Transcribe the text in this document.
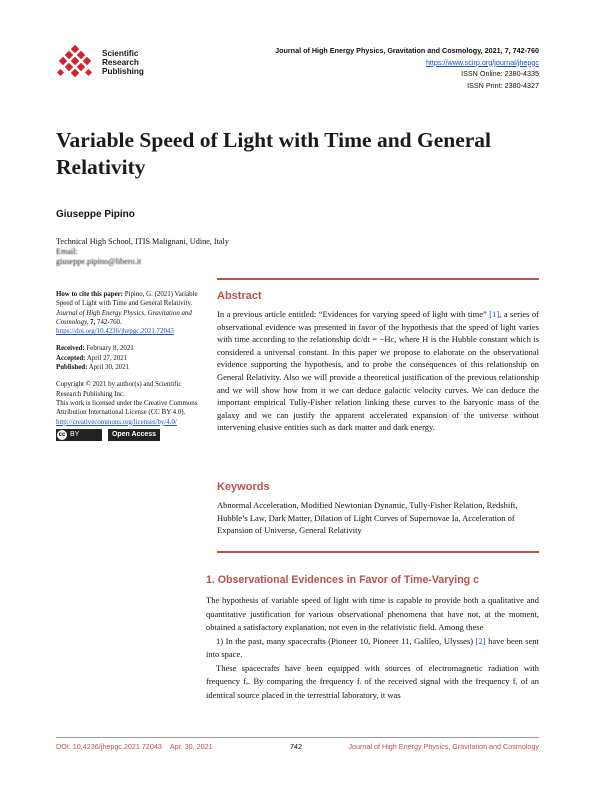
Scientific
Research
Publishing
Journal of High Energy Physics, Gravitation and Cosmology, 2021, 7, 742-760
https://www.scirp.org/journal/jhepgc
ISSN Online: 2380-4335
ISSN Print: 2380-4327
Variable Speed of Light with Time and General Relativity
Giuseppe Pipino
Technical High School, ITIS Malignani, Udine, Italy
Email: giuseppe.pipino@libero.it

How to cite this paper: Pipino, G. (2021) Variable Speed of Light with Time and General Relativity. Journal of High Energy Physics, Gravitation and Cosmology, 7, 742-760.
https://doi.org/10.4236/jhepgc.2021.72043

Received: February 8, 2021
Accepted: April 27, 2021
Published: April 30, 2021

Copyright © 2021 by author(s) and Scientific Research Publishing Inc.
This work is licensed under the Creative Commons Attribution International License (CC BY 4.0).
http://creativecommons.org/licenses/by/4.0/

cc BY	Open Access
Abstract
In a previous article entitled: “Evidences for varying speed of light with time” [1], a series of observational evidence was presented in favor of the hypothesis that the speed of light varies with time according to the relationship dc/dt = −Hc, where H is the Hubble constant which is considered a universal constant. In this paper we propose to elaborate on the observational evidence supporting the hypothesis, and to probe the consequences of this relationship on General Relativity. Also we will provide a theoretical justification of the previous relationship and we will show how from it we can deduce galactic velocity curves. We can deduce the important empirical Tully-Fisher relation linking these curves to the baryonic mass of the galaxy and we can justify the apparent accelerated expansion of the universe without intervening elusive entities such as dark matter and dark energy.
Keywords
Abnormal Acceleration, Modified Newtonian Dynamic, Tully-Fisher Relation, Redshift, Hubble’s Law, Dark Matter, Dilation of Light Curves of Supernovae Ia, Acceleration of Expansion of Universe, General Relativity
1. Observational Evidences in Favor of Time-Varying c

The hypothesis of variable speed of light with time is capable to provide both a qualitative and quantitative justification for various observational phenomena that have not, at the moment, obtained a satisfactory explanation, not even in the relativistic field. Among these

1) In the past, many spacecrafts (Pioneer 10, Pioneer 11, Galileo, Ulysses) [2] have been sent into space.

These spacecrafts have been equipped with sources of electromagnetic radiation with frequency fₑ. By comparing the frequency fᵢ of the received signal with the frequency fᵣ of an identical source placed in the terrestrial laboratory, it was

DOI: 10.4236/jhepgc.2021.72043 Apr. 30, 2021	742	Journal of High Energy Physics, Gravitation and Cosmology
